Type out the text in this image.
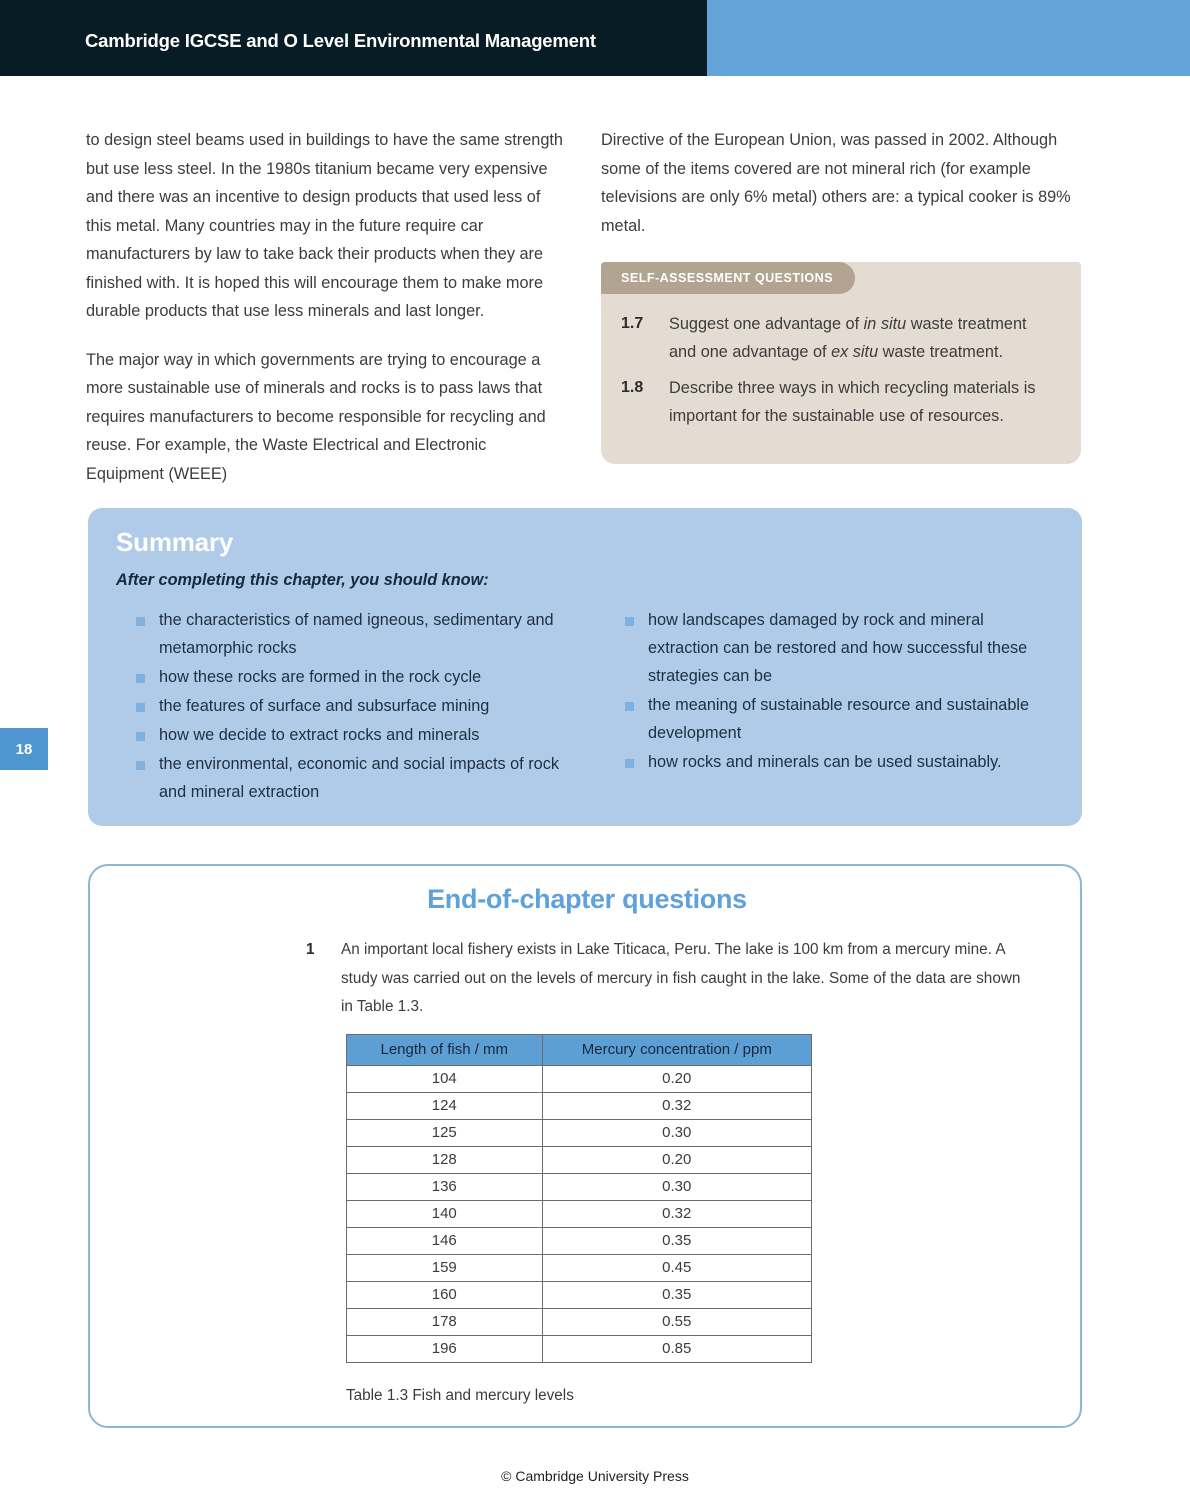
Cambridge IGCSE and O Level Environmental Management
18

to design steel beams used in buildings to have the same strength but use less steel. In the 1980s titanium became very expensive and there was an incentive to design products that used less of this metal. Many countries may in the future require car manufacturers by law to take back their products when they are finished with. It is hoped this will encourage them to make more durable products that use less minerals and last longer.

The major way in which governments are trying to encourage a more sustainable use of minerals and rocks is to pass laws that requires manufacturers to become responsible for recycling and reuse. For example, the Waste Electrical and Electronic Equipment (WEEE)

Directive of the European Union, was passed in 2002. Although some of the items covered are not mineral rich (for example televisions are only 6% metal) others are: a typical cooker is 89% metal.

SELF-ASSESSMENT QUESTIONS
1.7	Suggest one advantage of in situ waste treatment and one advantage of ex situ waste treatment.
1.8	Describe three ways in which recycling materials is important for the sustainable use of resources.
Summary
After completing this chapter, you should know:
the characteristics of named igneous, sedimentary and metamorphic rocks
how these rocks are formed in the rock cycle
the features of surface and subsurface mining
how we decide to extract rocks and minerals
the environmental, economic and social impacts of rock and mineral extraction
how landscapes damaged by rock and mineral extraction can be restored and how successful these strategies can be
the meaning of sustainable resource and sustainable development
how rocks and minerals can be used sustainably.
End-of-chapter questions
1	An important local fishery exists in Lake Titicaca, Peru. The lake is 100 km from a mercury mine. A study was carried out on the levels of mercury in fish caught in the lake. Some of the data are shown in Table 1.3.
Length of fish / mm	Mercury concentration / ppm
104	0.20
124	0.32
125	0.30
128	0.20
136	0.30
140	0.32
146	0.35
159	0.45
160	0.35
178	0.55
196	0.85
Table 1.3 Fish and mercury levels
© Cambridge University Press
